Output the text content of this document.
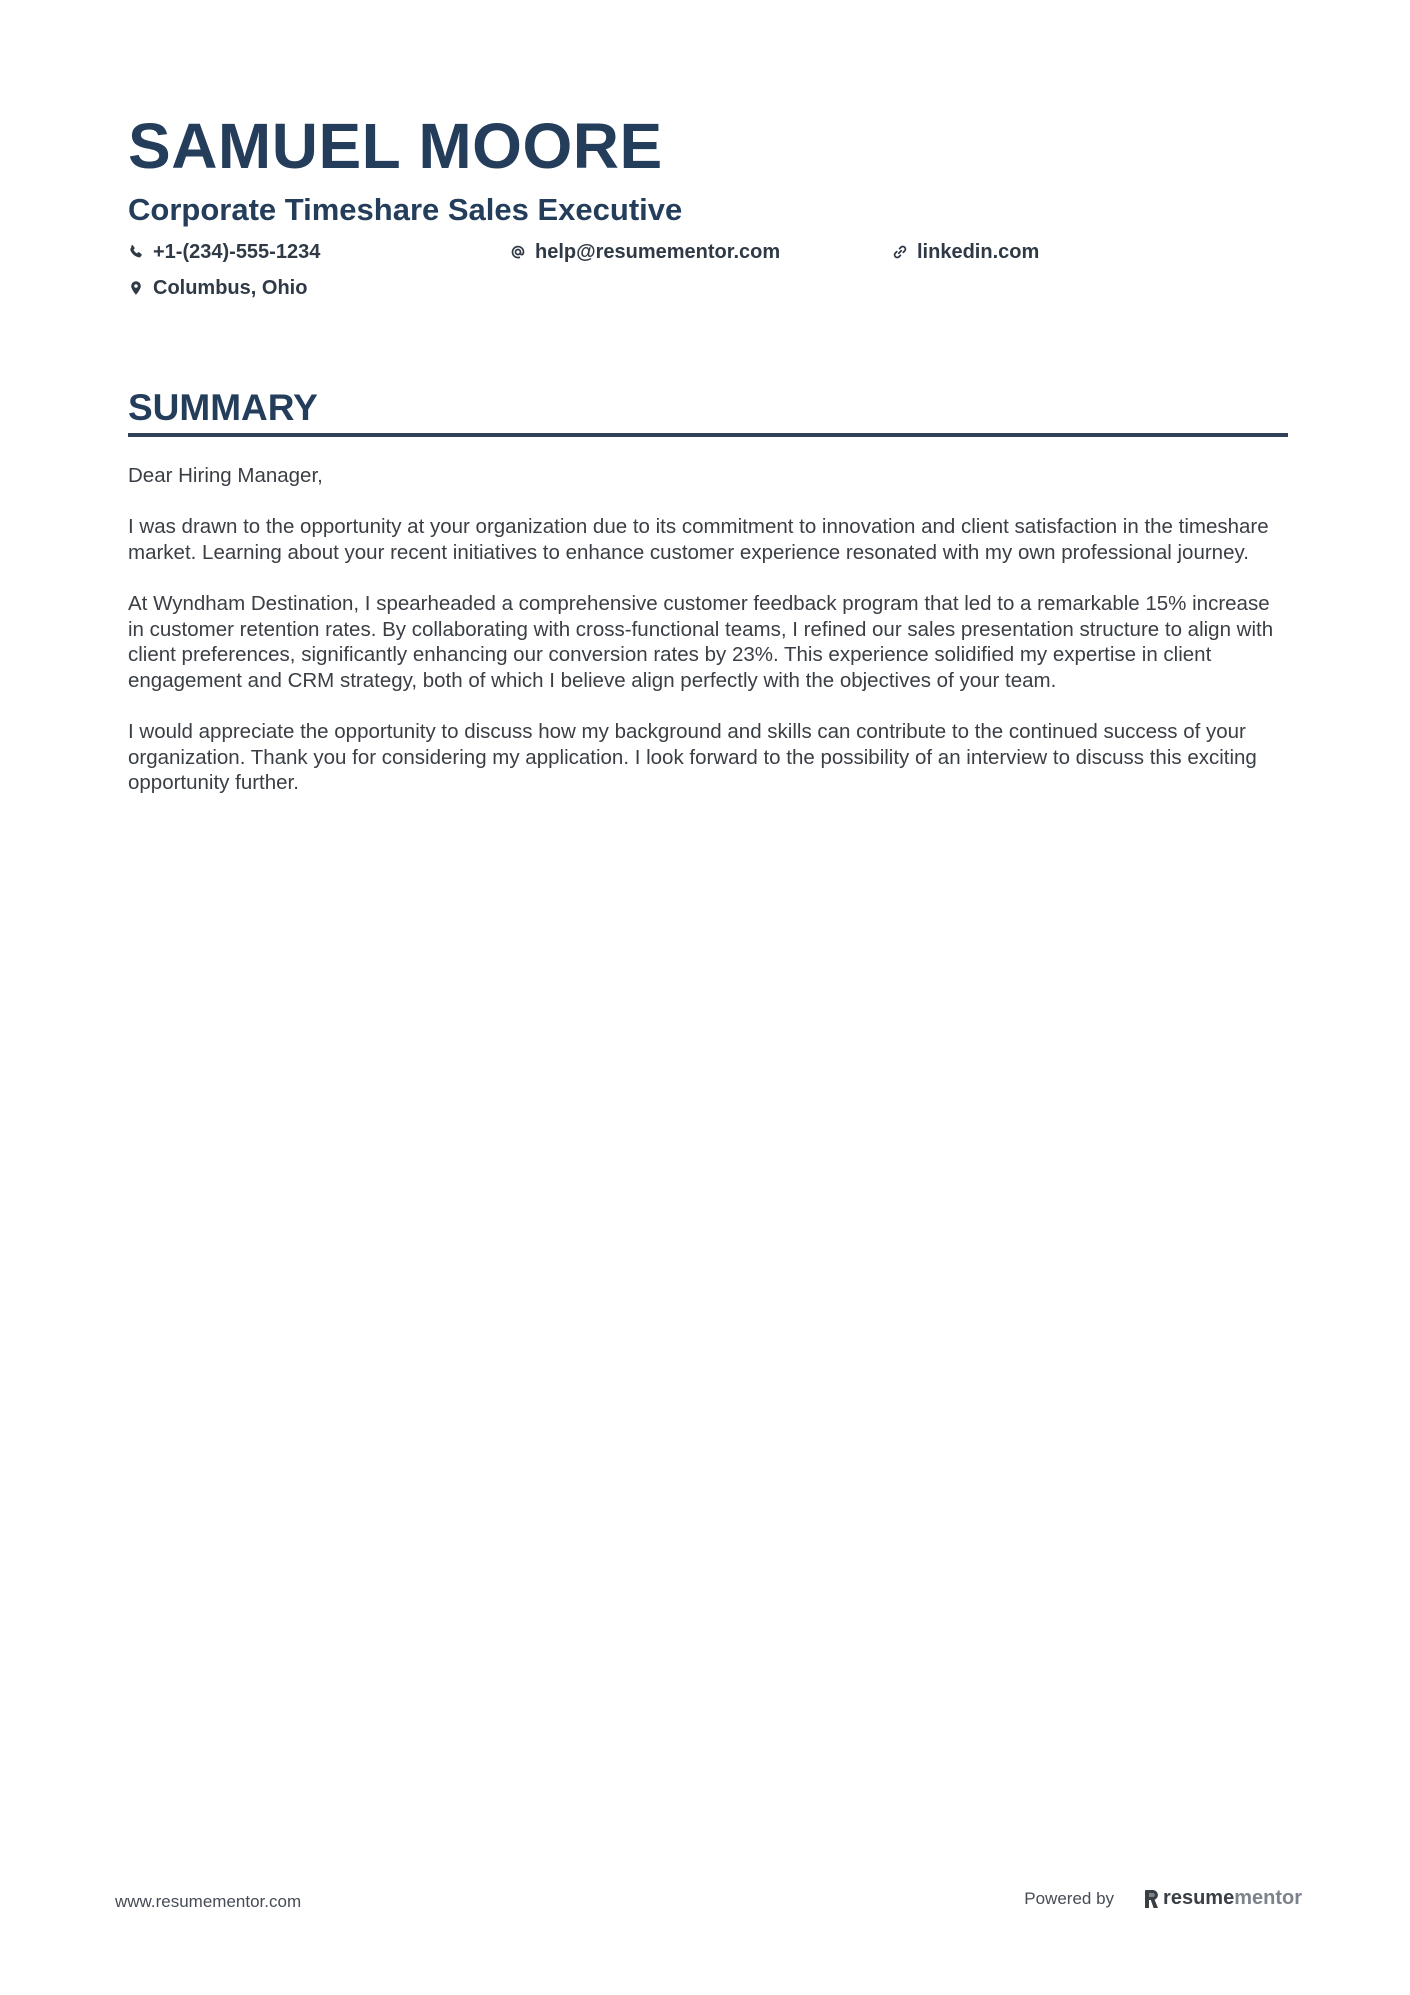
SAMUEL MOORE
Corporate Timeshare Sales Executive
+1-(234)-555-1234	help@resumementor.com	linkedin.com
Columbus, Ohio
SUMMARY

Dear Hiring Manager,

I was drawn to the opportunity at your organization due to its commitment to innovation and client satisfaction in the timeshare market. Learning about your recent initiatives to enhance customer experience resonated with my own professional journey.

At Wyndham Destination, I spearheaded a comprehensive customer feedback program that led to a remarkable 15% increase in customer retention rates. By collaborating with cross-functional teams, I refined our sales presentation structure to align with client preferences, significantly enhancing our conversion rates by 23%. This experience solidified my expertise in client engagement and CRM strategy, both of which I believe align perfectly with the objectives of your team.

I would appreciate the opportunity to discuss how my background and skills can contribute to the continued success of your organization. Thank you for considering my application. I look forward to the possibility of an interview to discuss this exciting opportunity further.

www.resumementor.com	Powered by resume mentor
